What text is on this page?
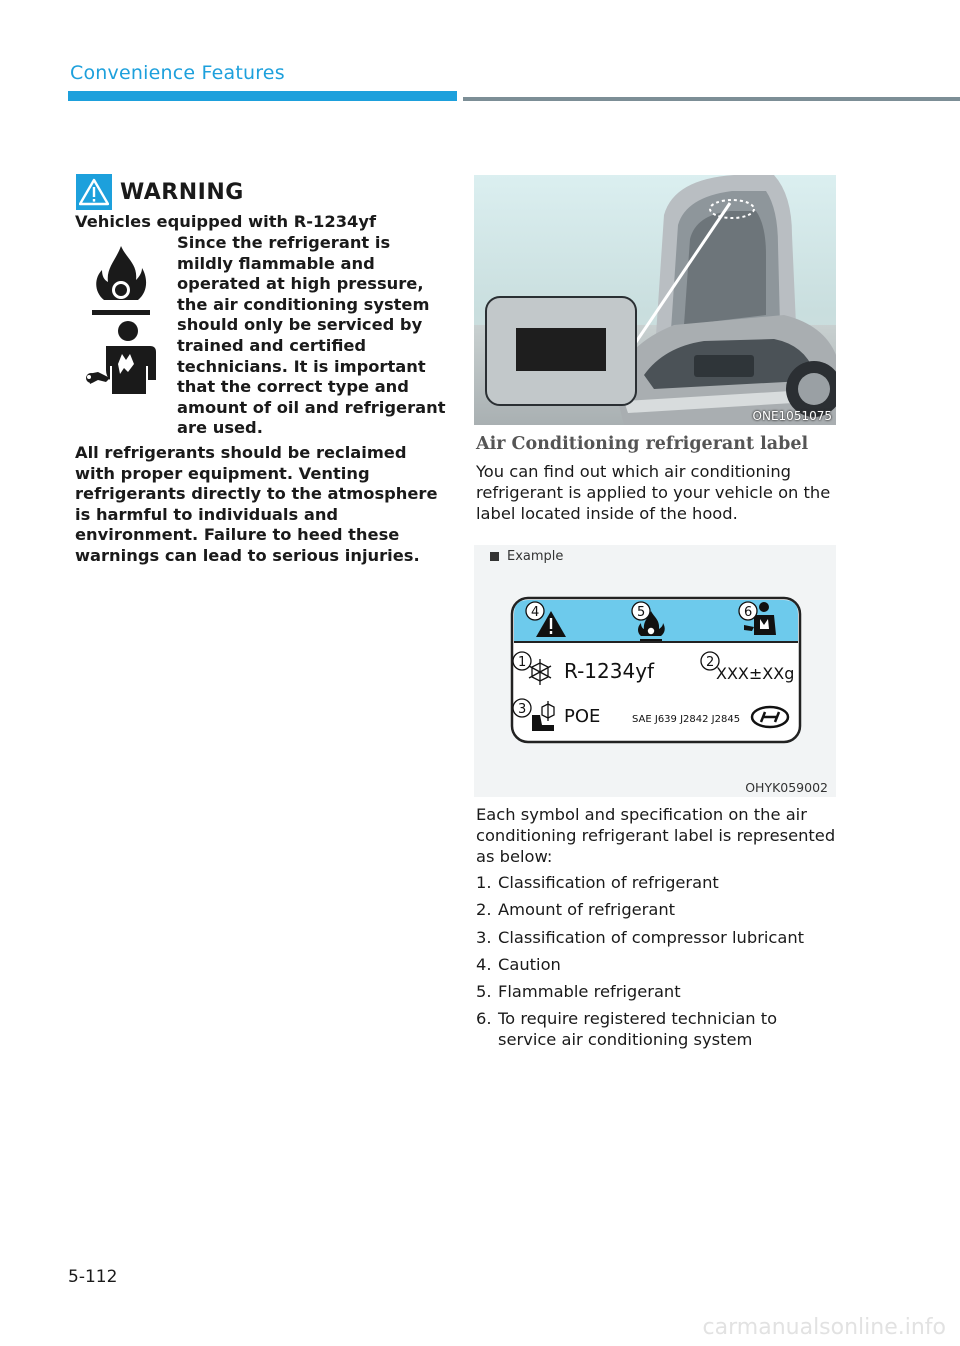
Convenience Features
WARNING
Vehicles equipped with R-1234yf
Since the refrigerant is mildly flammable and operated at high pressure, the air conditioning system should only be serviced by trained and certified technicians. It is important that the correct type and amount of oil and refrigerant are used.
All refrigerants should be reclaimed with proper equipment. Venting refrigerants directly to the atmosphere is harmful to individuals and environment. Failure to heed these warnings can lead to serious injuries.
ONE1051075
Air Conditioning refrigerant label
You can find out which air conditioning refrigerant is applied to your vehicle on the label located inside of the hood.
Example
4	5	6
1	2
3
R-1234yf	XXX±XXg
POE	SAE J639 J2842 J2845
OHYK059002
Each symbol and specification on the air conditioning refrigerant label is represented as below:
1. Classification of refrigerant
2. Amount of refrigerant
3. Classification of compressor lubricant
4. Caution
5. Flammable refrigerant
6. To require registered technician to service air conditioning system
5-112
carmanualsonline.info
